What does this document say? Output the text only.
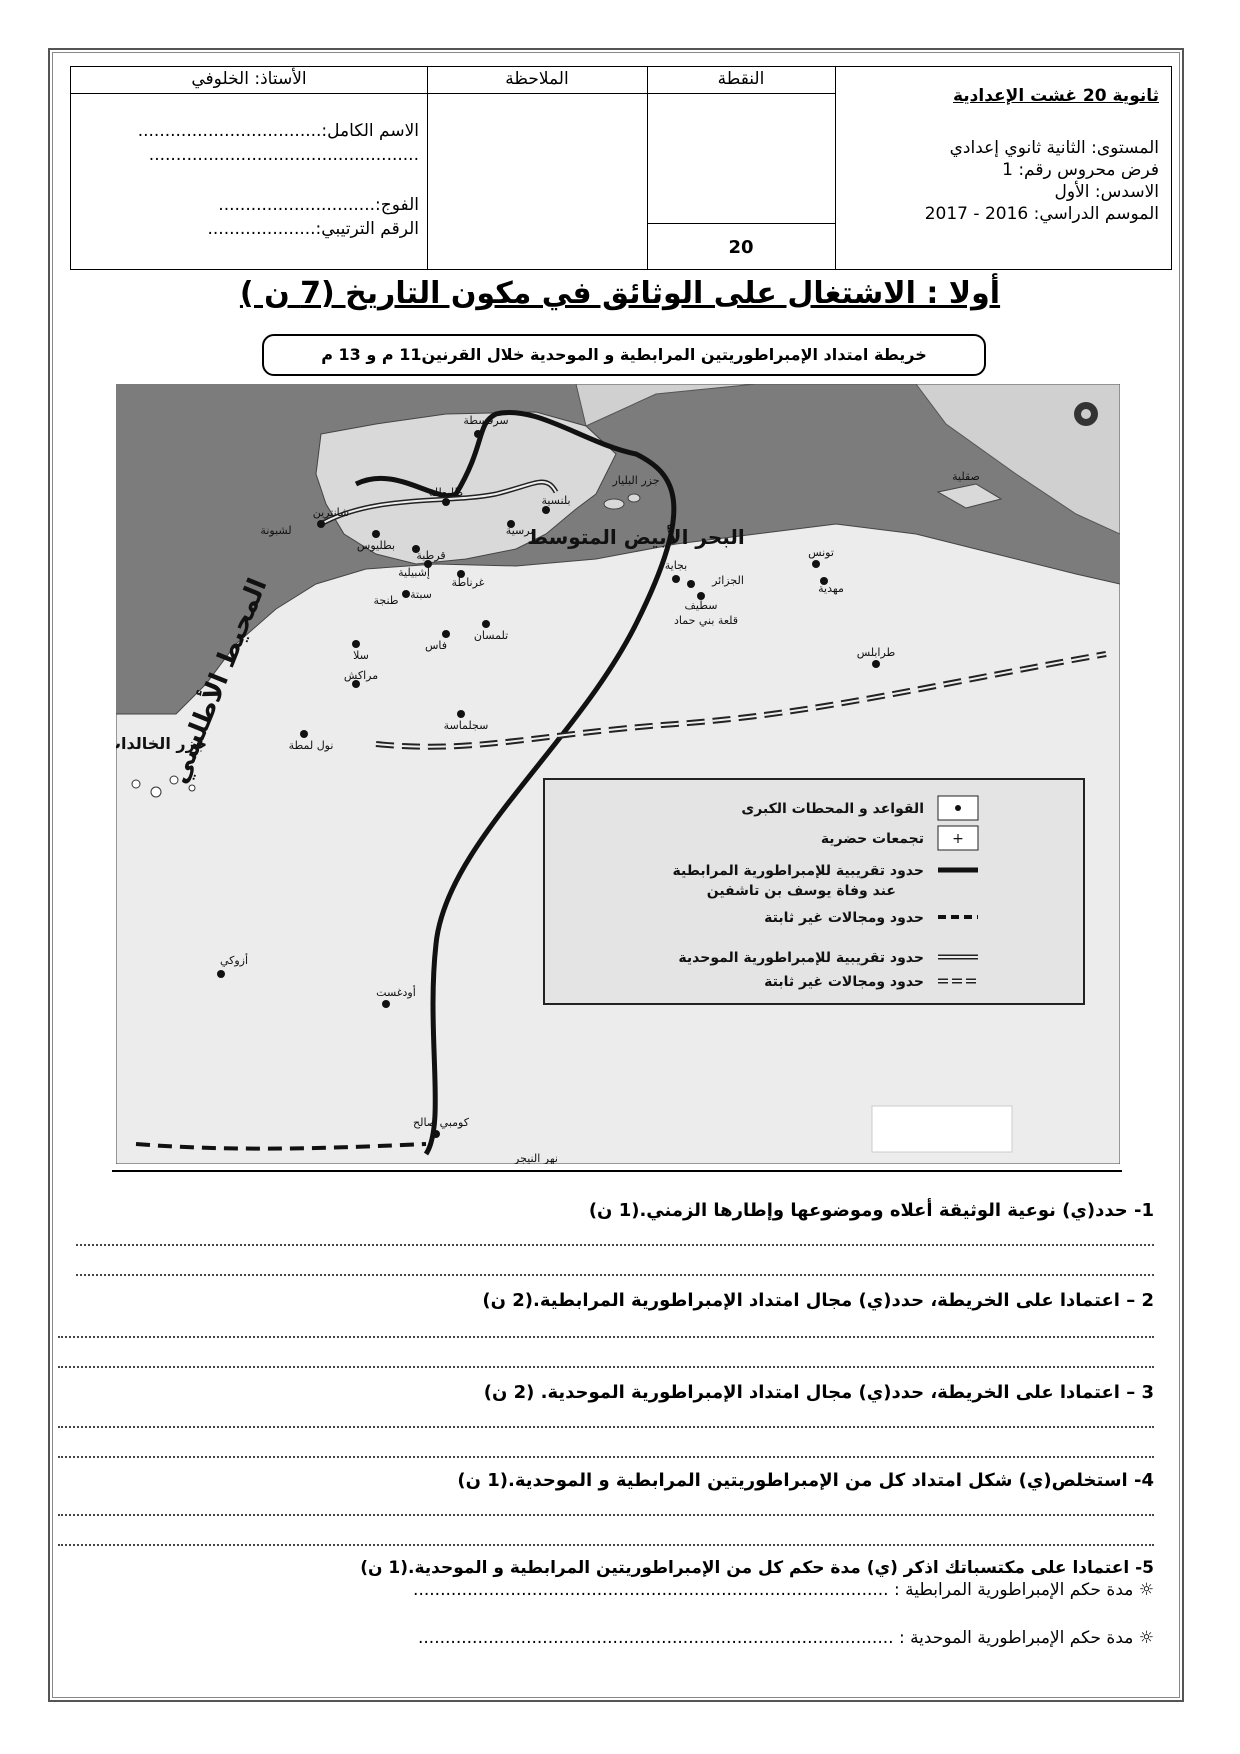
الأستاذ: الخلوفي	الملاحظة	النقطة
20
الاسم الكامل:..................................
..................................................
الفوج:.............................
الرقم الترتيبي:....................
ثانوية 20 غشت الإعدادية
المستوى: الثانية ثانوي إعدادي
فرض محروس رقم: 1
الاسدس: الأول
الموسم الدراسي: 2016 - 2017
أولا : الاشتغال على الوثائق في مكون التاريخ (7 ن )
خريطة امتداد الإمبراطوريتين المرابطية و الموحدية خلال القرنين11 م و 13 م
المحيط الأطلسي
البحر الأبيض المتوسط
جزر الخالدا
سرقسطة
طليطلة
بلنسية
شانترين
لشبونة	مرسية
بطليوس
قرطبة
إشبيلية
غرناطة
طنجة سبتة
تلمسان
فاس
سلا
مراكش
سجلماسة
بجاية
الجزائر
تونس
مهدية
صقلية
طرابلس
سطيف
قلعة بني حماد
أودغست
كومبي صالح
أزوكي
نهر النيجر
جزر البليار
نول لمطة
+
القواعد و المحطات الكبرى
تجمعات حضرية
حدود تقريبية للإمبراطورية المرابطية
عند وفاة يوسف بن تاشفين
حدود ومجالات غير ثابتة
حدود تقريبية للإمبراطورية الموحدية
حدود ومجالات غير ثابتة
1- حدد(ي) نوعية الوثيقة أعلاه وموضوعها وإطارها الزمني.(1 ن)
2 – اعتمادا على الخريطة، حدد(ي) مجال امتداد الإمبراطورية المرابطية.(2 ن)
3 – اعتمادا على الخريطة، حدد(ي) مجال امتداد الإمبراطورية الموحدية. (2 ن)
4- استخلص(ي) شكل امتداد كل من الإمبراطوريتين المرابطية و الموحدية.(1 ن)
5- اعتمادا على مكتسباتك اذكر (ي) مدة حكم كل من الإمبراطوريتين المرابطية و الموحدية.(1 ن)
☼ مدة حكم الإمبراطورية المرابطية : ........................................................................................
☼ مدة حكم الإمبراطورية الموحدية : ........................................................................................
